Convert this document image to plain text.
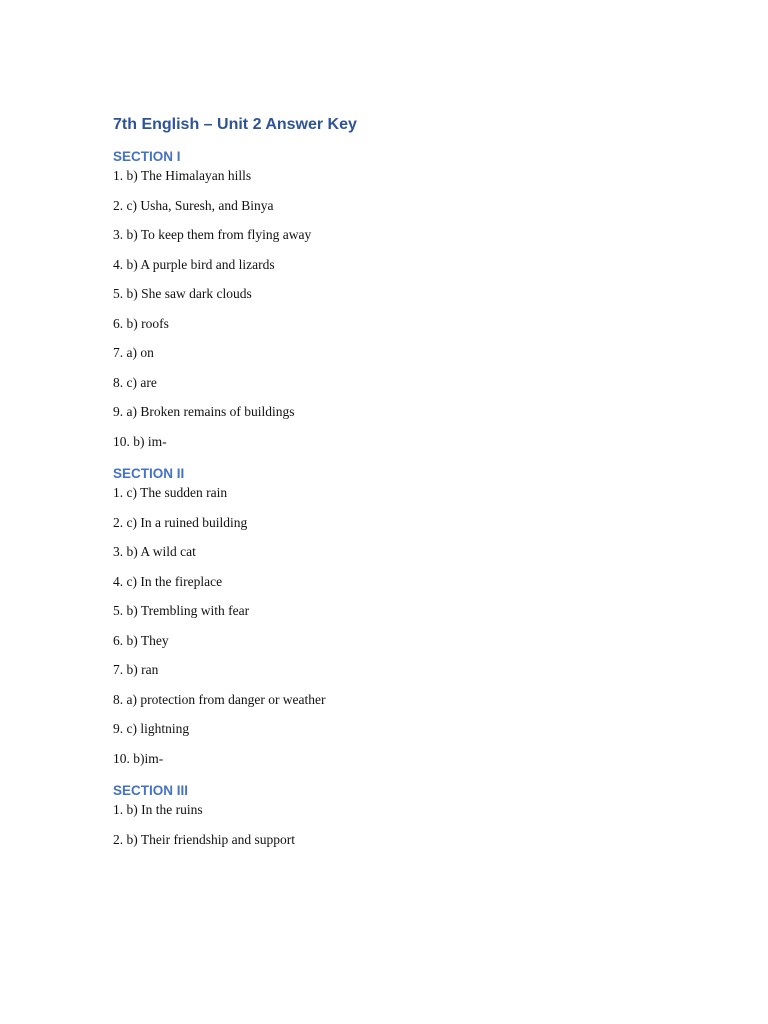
7th English – Unit 2 Answer Key
SECTION I

1. b) The Himalayan hills

2. c) Usha, Suresh, and Binya

3. b) To keep them from flying away

4. b) A purple bird and lizards

5. b) She saw dark clouds

6. b) roofs

7. a) on

8. c) are

9. a) Broken remains of buildings

10. b) im-

SECTION II

1. c) The sudden rain

2. c) In a ruined building

3. b) A wild cat

4. c) In the fireplace

5. b) Trembling with fear

6. b) They

7. b) ran

8. a) protection from danger or weather

9. c) lightning

10. b)im-

SECTION III

1. b) In the ruins

2. b) Their friendship and support
